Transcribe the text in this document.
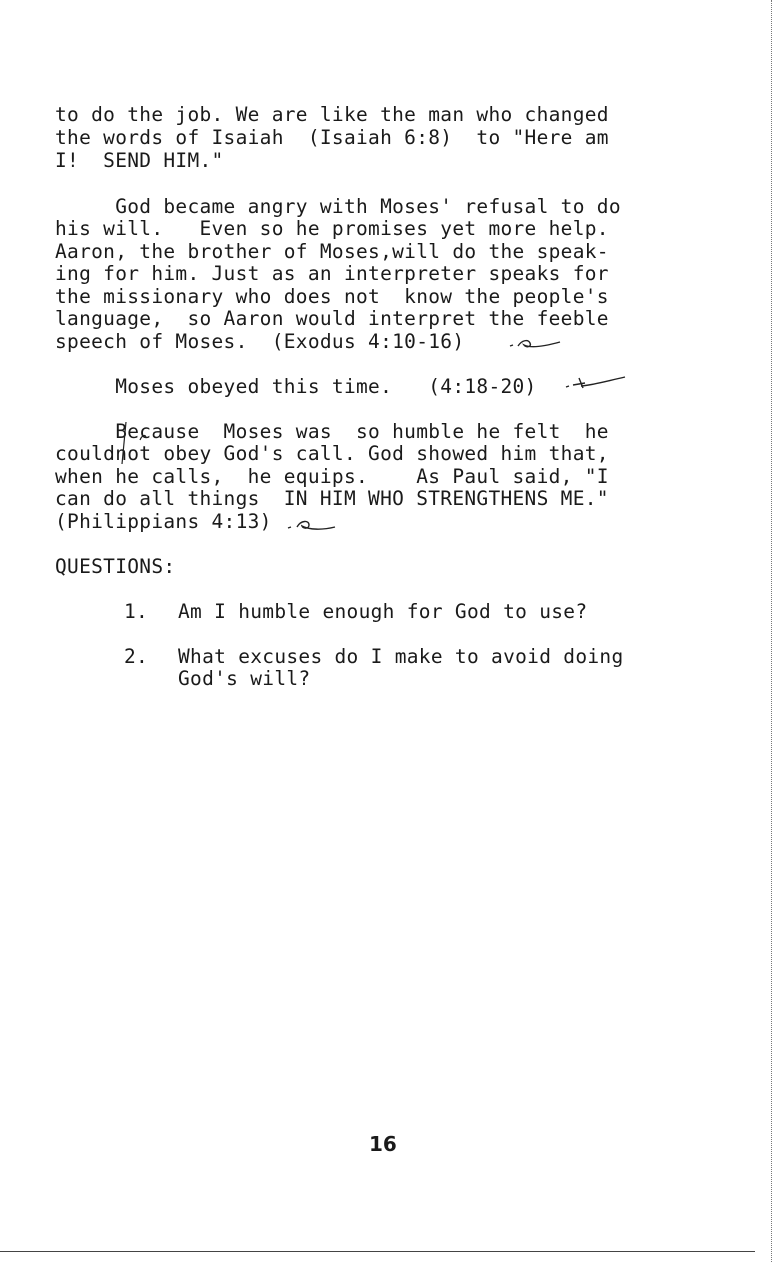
to do the job. We are like the man who changed
the words of Isaiah  (Isaiah 6:8)  to "Here am
I!  SEND HIM."
God became angry with Moses' refusal to do
his will.   Even so he promises yet more help.
Aaron, the brother of Moses,will do the speak-
ing for him. Just as an interpreter speaks for
the missionary who does not  know the people's
language,  so Aaron would interpret the feeble
speech of Moses.  (Exodus 4:10-16)
Moses obeyed this time.   (4:18-20)
Because  Moses was  so humble he felt  he
couldnot obey God's call. God showed him that,
when he calls,  he equips.    As Paul said, "I
can do all things  IN HIM WHO STRENGTHENS ME."
(Philippians 4:13)
QUESTIONS:
1.	Am I humble enough for God to use?
2.	What excuses do I make to avoid doing
God's will?
16
